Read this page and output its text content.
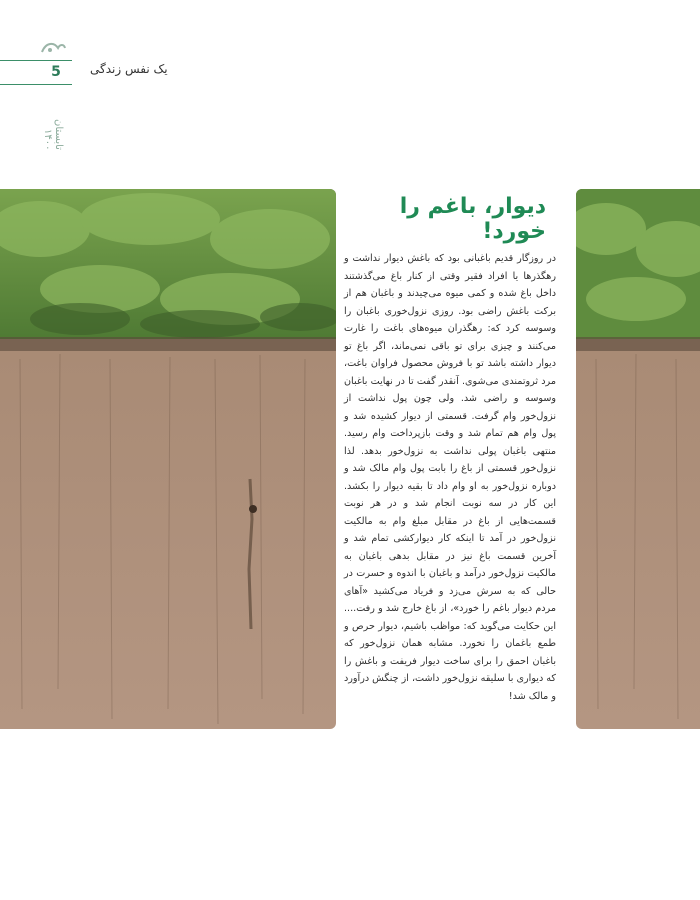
5	یک نفس زندگی
تابستان ۱۴۰۰
دیوار، باغم را خورد!
در روزگار قدیم باغبانی بود که باغش دیوار نداشت و رهگذرها یا افراد فقیر وقتی از کنار باغ می‌گذشتند داخل باغ شده و کمی میوه می‌چیدند و باغبان هم از برکت باغش راضی بود. روزی نزول‌خوری باغبان را وسوسه کرد که: رهگذران میوه‌های باغت را غارت می‌کنند و چیزی برای تو باقی نمی‌ماند، اگر باغ تو دیوار داشته باشد تو با فروش محصول فراوان باغت، مرد ثروتمندی می‌شوی. آنقدر گفت تا در نهایت باغبان وسوسه و راضی شد. ولی چون پول نداشت از نزول‌خور وام گرفت. قسمتی از دیوار کشیده شد و پول وام هم تمام شد و وقت بازپرداخت وام رسید. منتهی باغبان پولی نداشت به نزول‌خور بدهد. لذا نزول‌خور قسمتی از باغ را بابت پول وام مالک شد و دوباره نزول‌خور به او وام داد تا بقیه دیوار را بکشد. این کار در سه نوبت انجام شد و در هر نوبت قسمت‌هایی از باغ در مقابل مبلغ وام به مالکیت نزول‌خور در آمد تا اینکه کار دیوارکشی تمام شد و آخرین قسمت باغ نیز در مقابل بدهی باغبان به مالکیت نزول‌خور درآمد و باغبان با اندوه و حسرت در حالی که به سرش می‌زد و فریاد می‌کشید «آهای مردم دیوار باغم را خورد»، از باغ خارج شد و رفت.... این حکایت می‌گوید که: مواظب باشیم، دیوار حرص و طمع باغمان را نخورد. مشابه همان نزول‌خور که باغبان احمق را برای ساخت دیوار فریفت و باغش را که دیواری با سلیقه نزول‌خور داشت، از چنگش درآورد و مالک شد!
